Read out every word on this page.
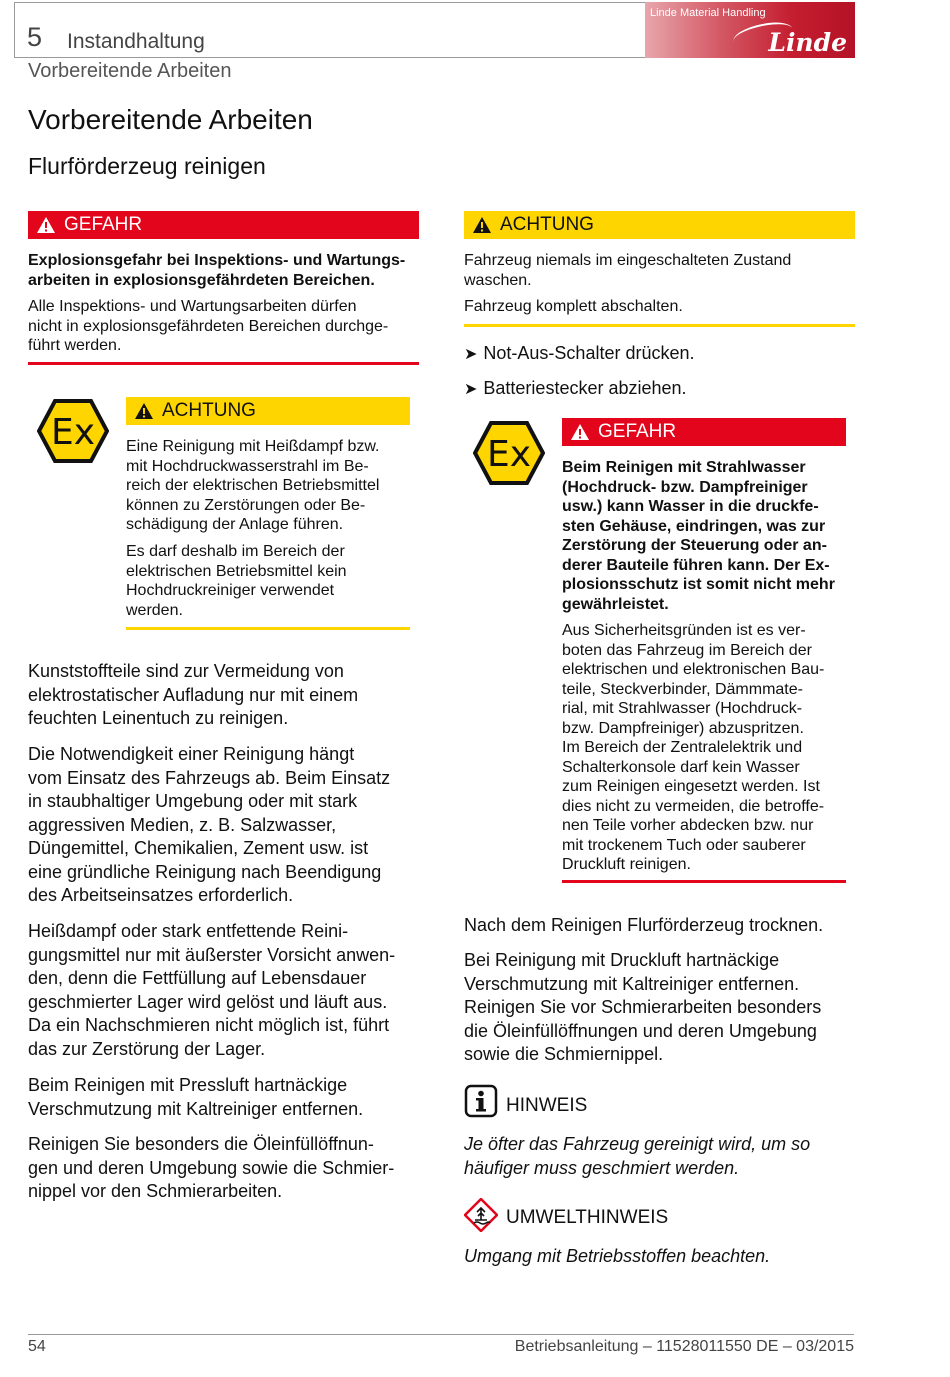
5 Instandhaltung
Vorbereitende Arbeiten
Linde Material Handling
Linde
Vorbereitende Arbeiten
Flurförderzeug reinigen
GEFAHR
Explosionsgefahr bei Inspektions- und Wartungs-
arbeiten in explosionsgefährdeten Bereichen.
Alle Inspektions- und Wartungsarbeiten dürfen
nicht in explosionsgefährdeten Bereichen durchge-
führt werden.
Ex
ACHTUNG
Eine Reinigung mit Heißdampf bzw.
mit Hochdruckwasserstrahl im Be-
reich der elektrischen Betriebsmittel
können zu Zerstörungen oder Be-
schädigung der Anlage führen.
Es darf deshalb im Bereich der
elektrischen Betriebsmittel kein
Hochdruckreiniger verwendet
werden.
Kunststoffteile sind zur Vermeidung von
elektrostatischer Aufladung nur mit einem
feuchten Leinentuch zu reinigen.
Die Notwendigkeit einer Reinigung hängt
vom Einsatz des Fahrzeugs ab. Beim Einsatz
in staubhaltiger Umgebung oder mit stark
aggressiven Medien, z. B. Salzwasser,
Düngemittel, Chemikalien, Zement usw. ist
eine gründliche Reinigung nach Beendigung
des Arbeitseinsatzes erforderlich.
Heißdampf oder stark entfettende Reini-
gungsmittel nur mit äußerster Vorsicht anwen-
den, denn die Fettfüllung auf Lebensdauer
geschmierter Lager wird gelöst und läuft aus.
Da ein Nachschmieren nicht möglich ist, führt
das zur Zerstörung der Lager.
Beim Reinigen mit Pressluft hartnäckige
Verschmutzung mit Kaltreiniger entfernen.
Reinigen Sie besonders die Öleinfüllöffnun-
gen und deren Umgebung sowie die Schmier-
nippel vor den Schmierarbeiten.
ACHTUNG
Fahrzeug niemals im eingeschalteten Zustand
waschen.
Fahrzeug komplett abschalten.
➤ Not-Aus-Schalter drücken.
➤ Batteriestecker abziehen.
Ex
GEFAHR
Beim Reinigen mit Strahlwasser
(Hochdruck- bzw. Dampfreiniger
usw.) kann Wasser in die druckfe-
sten Gehäuse, eindringen, was zur
Zerstörung der Steuerung oder an-
derer Bauteile führen kann. Der Ex-
plosionsschutz ist somit nicht mehr
gewährleistet.
Aus Sicherheitsgründen ist es ver-
boten das Fahrzeug im Bereich der
elektrischen und elektronischen Bau-
teile, Steckverbinder, Dämmmate-
rial, mit Strahlwasser (Hochdruck-
bzw. Dampfreiniger) abzuspritzen.
Im Bereich der Zentralelektrik und
Schalterkonsole darf kein Wasser
zum Reinigen eingesetzt werden. Ist
dies nicht zu vermeiden, die betroffe-
nen Teile vorher abdecken bzw. nur
mit trockenem Tuch oder sauberer
Druckluft reinigen.
Nach dem Reinigen Flurförderzeug trocknen.
Bei Reinigung mit Druckluft hartnäckige
Verschmutzung mit Kaltreiniger entfernen.
Reinigen Sie vor Schmierarbeiten besonders
die Öleinfüllöffnungen und deren Umgebung
sowie die Schmiernippel.
HINWEIS
Je öfter das Fahrzeug gereinigt wird, um so
häufiger muss geschmiert werden.
UMWELTHINWEIS
Umgang mit Betriebsstoffen beachten.
54	Betriebsanleitung – 11528011550 DE – 03/2015
